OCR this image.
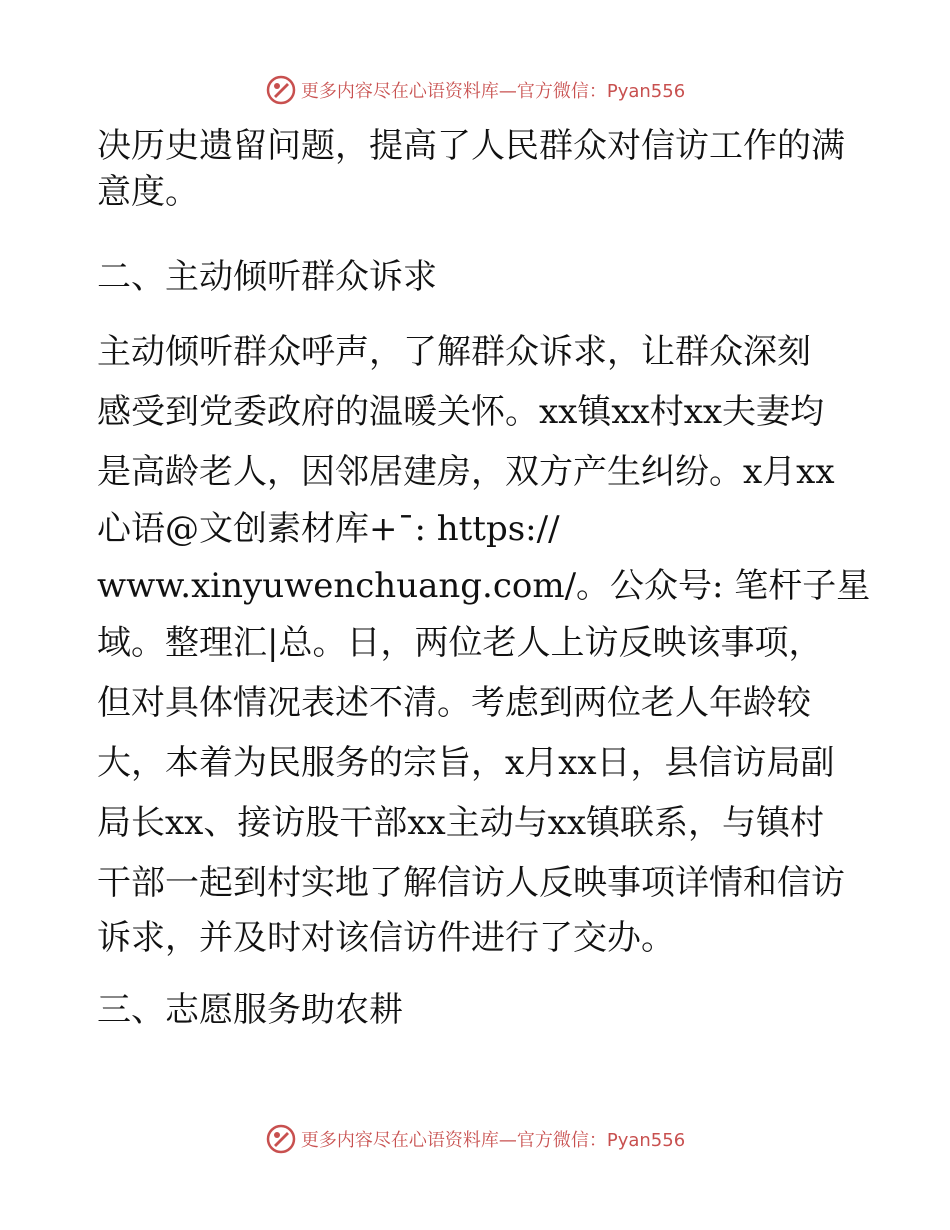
更多内容尽在心语资料库—官方微信：Pyan556
决历史遗留问题，提高了人民群众对信访工作的满
意度。
二、主动倾听群众诉求
主动倾听群众呼声，了解群众诉求，让群众深刻
感受到党委政府的温暖关怀。xx镇xx村xx夫妻均
是高龄老人，因邻居建房，双方产生纠纷。x月xx
心语@文创素材库+¯: https://
www.xinyuwenchuang.com/。公众号: 笔杆子星
域。整理汇|总。日，两位老人上访反映该事项，
但对具体情况表述不清。考虑到两位老人年龄较
大，本着为民服务的宗旨，x月xx日，县信访局副
局长xx、接访股干部xx主动与xx镇联系，与镇村
干部一起到村实地了解信访人反映事项详情和信访
诉求，并及时对该信访件进行了交办。
三、志愿服务助农耕
更多内容尽在心语资料库—官方微信：Pyan556
